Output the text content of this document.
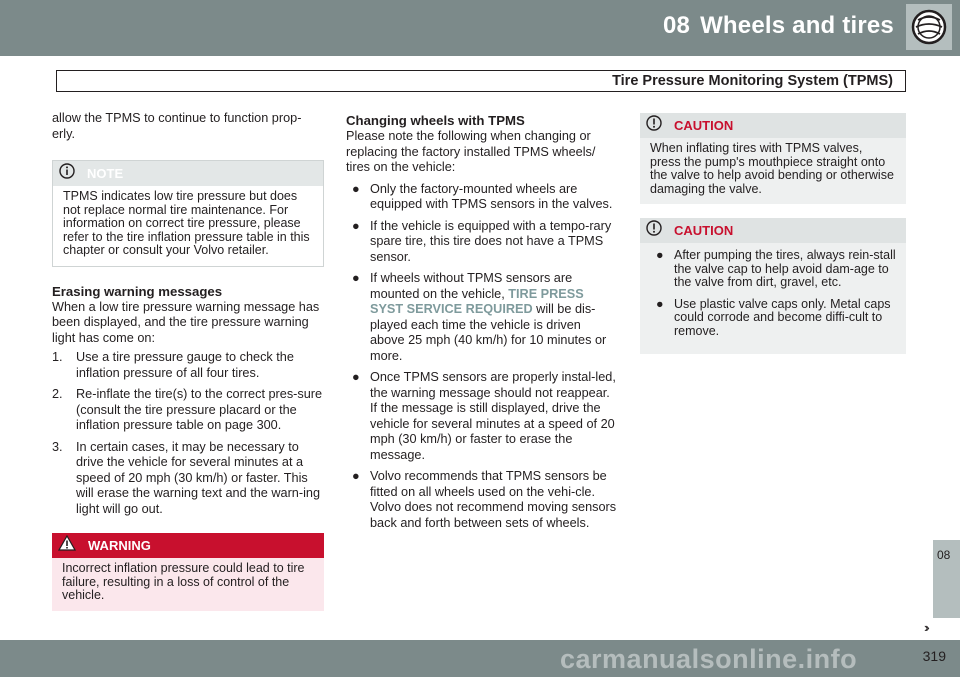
08 Wheels and tires
Tire Pressure Monitoring System (TPMS)

allow the TPMS to continue to function prop-erly.

NOTE
TPMS indicates low tire pressure but does not replace normal tire maintenance. For information on correct tire pressure, please refer to the tire inflation pressure table in this chapter or consult your Volvo retailer.
Erasing warning messages

When a low tire pressure warning message has been displayed, and the tire pressure warning light has come on:

1.	Use a tire pressure gauge to check the inflation pressure of all four tires.
2.	Re-inflate the tire(s) to the correct pres-sure (consult the tire pressure placard or the inflation pressure table on page 300.
3.	In certain cases, it may be necessary to drive the vehicle for several minutes at a speed of 20 mph (30 km/h) or faster. This will erase the warning text and the warn-ing light will go out.
WARNING
Incorrect inflation pressure could lead to tire failure, resulting in a loss of control of the vehicle.
Changing wheels with TPMS

Please note the following when changing or replacing the factory installed TPMS wheels/ tires on the vehicle:

● Only the factory-mounted wheels are equipped with TPMS sensors in the valves.
● If the vehicle is equipped with a tempo-rary spare tire, this tire does not have a TPMS sensor.
● If wheels without TPMS sensors are mounted on the vehicle, TIRE PRESS SYST SERVICE REQUIRED will be dis-played each time the vehicle is driven above 25 mph (40 km/h) for 10 minutes or more.
● Once TPMS sensors are properly instal-led, the warning message should not reappear. If the message is still displayed, drive the vehicle for several minutes at a speed of 20 mph (30 km/h) or faster to erase the message.
● Volvo recommends that TPMS sensors be fitted on all wheels used on the vehi-cle. Volvo does not recommend moving sensors back and forth between sets of wheels.
CAUTION
When inflating tires with TPMS valves, press the pump's mouthpiece straight onto the valve to help avoid bending or otherwise damaging the valve.
CAUTION
● After pumping the tires, always rein-stall the valve cap to help avoid dam-age to the valve from dirt, gravel, etc.
● Use plastic valve caps only. Metal caps could corrode and become diffi-cult to remove.
08
››
319
carmanualsonline.info
